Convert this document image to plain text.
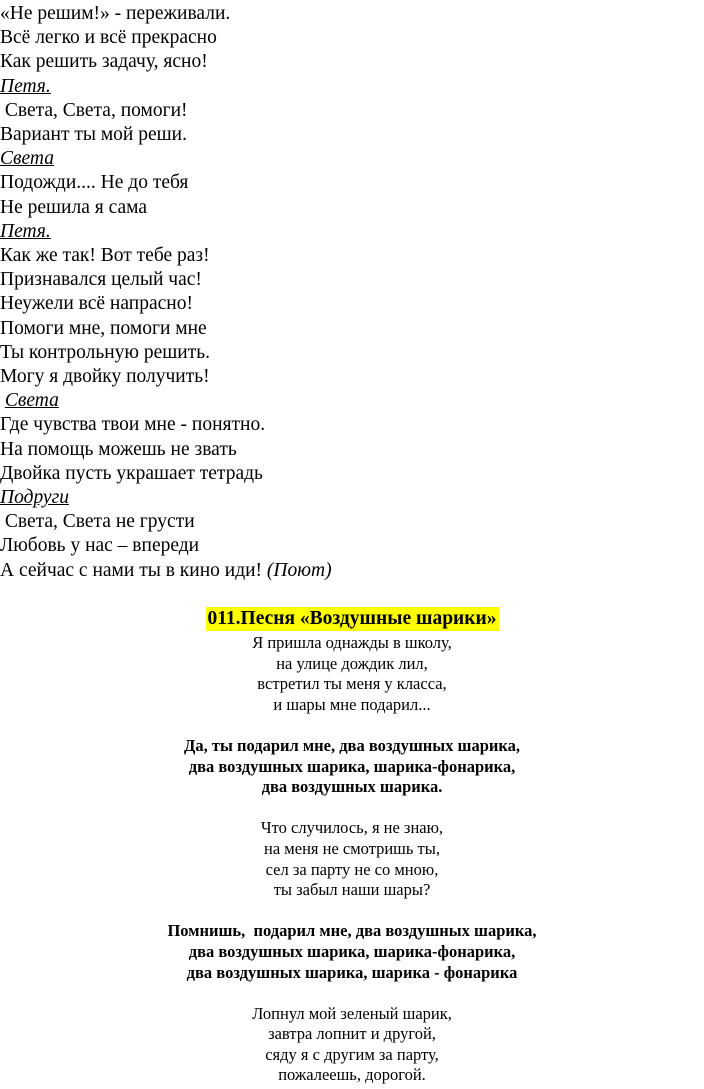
«Не решим!» - переживали.
Всё легко и всё прекрасно
Как решить задачу, ясно!
Петя.
Света, Света, помоги!
Вариант ты мой реши.
Света
Подожди.... Не до тебя
Не решила я сама
Петя.
Как же так! Вот тебе раз!
Признавался целый час!
Неужели всё напрасно!
Помоги мне, помоги мне
Ты контрольную решить.
Могу я двойку получить!
Света
Где чувства твои мне - понятно.
На помощь можешь не звать
Двойка пусть украшает тетрадь
Подруги
Света, Света не грусти
Любовь у нас – впереди
А сейчас с нами ты в кино иди! (Поют)
011.Песня «Воздушные шарики»
Я пришла однажды в школу,
на улице дождик лил,
встретил ты меня у класса,
и шары мне подарил...
Да, ты подарил мне, два воздушных шарика,
два воздушных шарика, шарика-фонарика,
два воздушных шарика.
Что случилось, я не знаю,
на меня не смотришь ты,
сел за парту не со мною,
ты забыл наши шары?
Помнишь,  подарил мне, два воздушных шарика,
два воздушных шарика, шарика-фонарика,
два воздушных шарика, шарика - фонарика
Лопнул мой зеленый шарик,
завтра лопнит и другой,
сяду я с другим за парту,
пожалеешь, дорогой.
